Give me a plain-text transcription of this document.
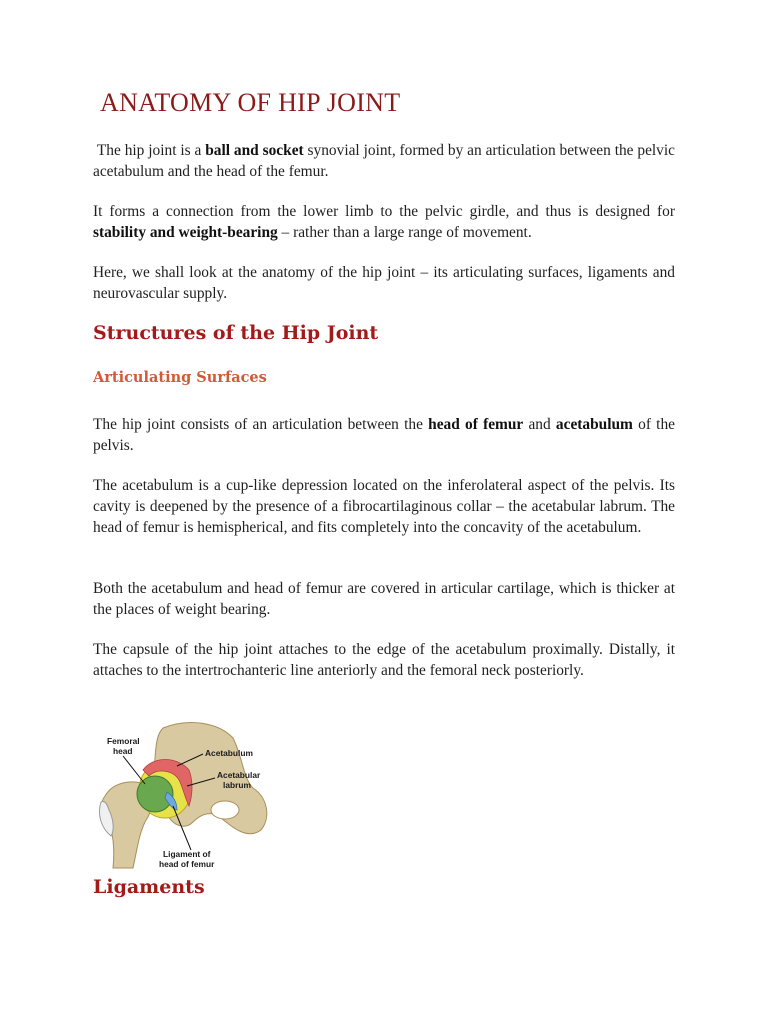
ANATOMY OF HIP JOINT

The hip joint is a ball and socket synovial joint, formed by an articulation between the pelvic acetabulum and the head of the femur.

It forms a connection from the lower limb to the pelvic girdle, and thus is designed for stability and weight-bearing – rather than a large range of movement.

Here, we shall look at the anatomy of the hip joint – its articulating surfaces, ligaments and neurovascular supply.

Structures of the Hip Joint
Articulating Surfaces

The hip joint consists of an articulation between the head of femur and acetabulum of the pelvis.

The acetabulum is a cup-like depression located on the inferolateral aspect of the pelvis. Its cavity is deepened by the presence of a fibrocartilaginous collar – the acetabular labrum. The head of femur is hemispherical, and fits completely into the concavity of the acetabulum.

Both the acetabulum and head of femur are covered in articular cartilage, which is thicker at the places of weight bearing.

The capsule of the hip joint attaches to the edge of the acetabulum proximally. Distally, it attaches to the intertrochanteric line anteriorly and the femoral neck posteriorly.

Femoral
head	Acetabulum
Acetabular
labrum
Ligament of
head of femur
Ligaments
